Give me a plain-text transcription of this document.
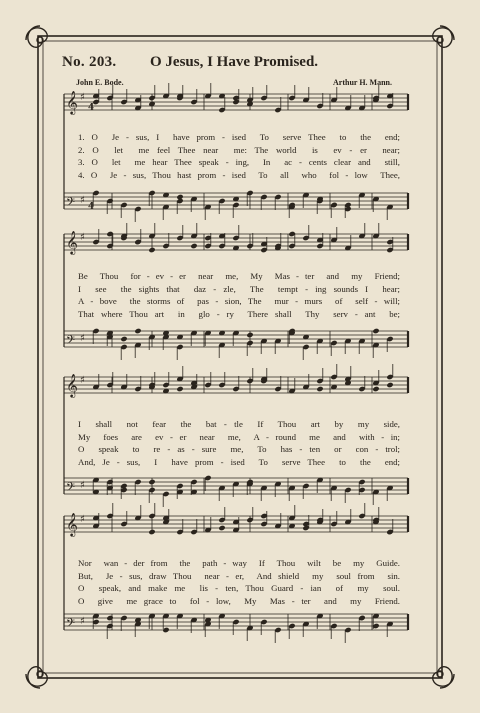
No. 203. O Jesus, I Have Promised.
John E. Bode.	Arthur H. Mann.
𝄞 ♯
𝄢 ♯
𝄞 ♯
𝄢 ♯
𝄞 ♯
𝄢 ♯
𝄞 ♯
𝄢 ♯
4
4
1. O  Je - sus, I  have prom - ised  To  serve Thee  to  the  end;
2. O  let  me feel Thee near  me: The world  is  ev - er  near;
3. O  let  me hear Thee speak - ing,  In  ac - cents clear and  still,
4. O  Je - sus, Thou hast prom - ised  To  all  who  fol - low  Thee,
Be  Thou  for - ev - er  near  me,  My  Mas - ter  and  my  Friend;
I  see  the sights that  daz - zle,  The  tempt - ing sounds I  hear;
A - bove  the storms of  pas - sion, The  mur - murs  of  self - will;
That where Thou art  in  glo - ry  There shall  Thy  serv - ant  be;
I  shall  not  fear  the  bat - tle  If  Thou  art  by  my  side,
My  foes  are  ev - er  near  me,  A - round  me  and  with - in;
O  speak  to  re - as - sure  me,  To  has - ten  or  con - trol;
And, Je - sus,  I  have prom - ised  To  serve Thee  to  the  end;
Nor  wan - der from  the  path - way  If  Thou  wilt  be  my  Guide.
But,  Je - sus, draw Thou  near - er,  And shield  my  soul from  sin.
O  speak, and make me  lis - ten, Thou Guard - ian  of  my  soul.
O  give  me grace to  fol - low,  My  Mas - ter  and  my  Friend.
